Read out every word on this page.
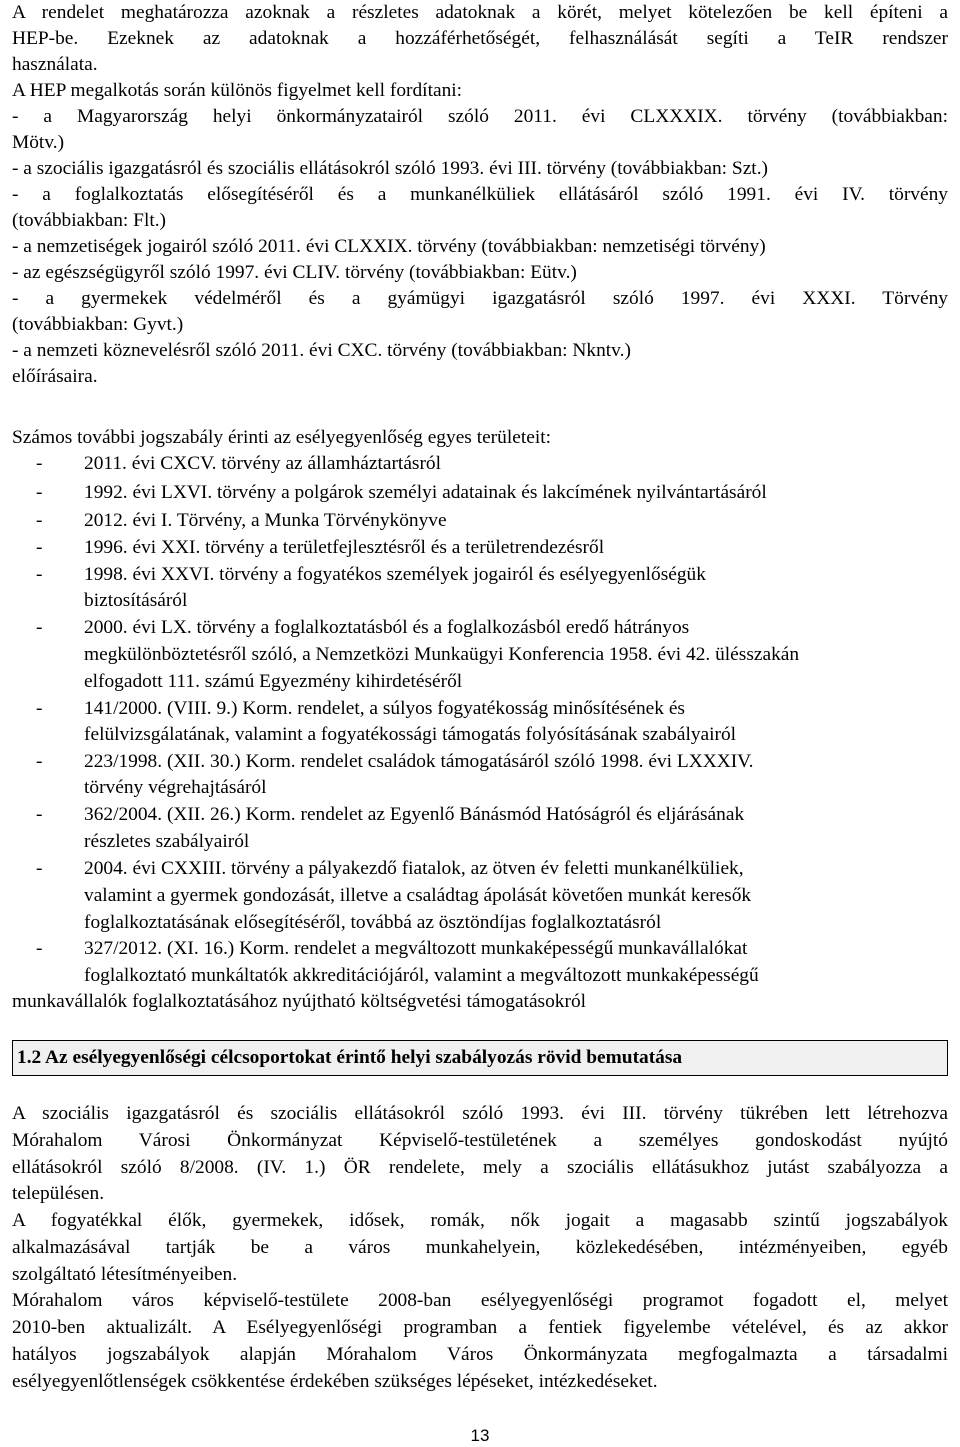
A rendelet meghatározza azoknak a részletes adatoknak a körét, melyet kötelezően be kell építeni a
HEP-be. Ezeknek az adatoknak a hozzáférhetőségét, felhasználását segíti a TeIR rendszer
használata.
A HEP megalkotás során különös figyelmet kell fordítani:
- a Magyarország helyi önkormányzatairól szóló 2011. évi CLXXXIX. törvény (továbbiakban:
Mötv.)
- a szociális igazgatásról és szociális ellátásokról szóló 1993. évi III. törvény (továbbiakban: Szt.)
- a foglalkoztatás elősegítéséről és a munkanélküliek ellátásáról szóló 1991. évi IV. törvény
(továbbiakban: Flt.)
- a nemzetiségek jogairól szóló 2011. évi CLXXIX. törvény (továbbiakban: nemzetiségi törvény)
- az egészségügyről szóló 1997. évi CLIV. törvény (továbbiakban: Eütv.)
- a gyermekek védelméről és a gyámügyi igazgatásról szóló 1997. évi XXXI. Törvény
(továbbiakban: Gyvt.)
- a nemzeti köznevelésről szóló 2011. évi CXC. törvény (továbbiakban: Nkntv.)
előírásaira.
Számos további jogszabály érinti az esélyegyenlőség egyes területeit:
- 2011. évi CXCV. törvény az államháztartásról
- 1992. évi LXVI. törvény a polgárok személyi adatainak és lakcímének nyilvántartásáról
- 2012. évi I. Törvény, a Munka Törvénykönyve
- 1996. évi XXI. törvény a területfejlesztésről és a területrendezésről
- 1998. évi XXVI. törvény a fogyatékos személyek jogairól és esélyegyenlőségük
biztosításáról
- 2000. évi LX. törvény a foglalkoztatásból és a foglalkozásból eredő hátrányos
megkülönböztetésről szóló, a Nemzetközi Munkaügyi Konferencia 1958. évi 42. ülésszakán
elfogadott 111. számú Egyezmény kihirdetéséről
- 141/2000. (VIII. 9.) Korm. rendelet, a súlyos fogyatékosság minősítésének és
felülvizsgálatának, valamint a fogyatékossági támogatás folyósításának szabályairól
- 223/1998. (XII. 30.) Korm. rendelet családok támogatásáról szóló 1998. évi LXXXIV.
törvény végrehajtásáról
- 362/2004. (XII. 26.) Korm. rendelet az Egyenlő Bánásmód Hatóságról és eljárásának
részletes szabályairól
- 2004. évi CXXIII. törvény a pályakezdő fiatalok, az ötven év feletti munkanélküliek,
valamint a gyermek gondozását, illetve a családtag ápolását követően munkát keresők
foglalkoztatásának elősegítéséről, továbbá az ösztöndíjas foglalkoztatásról
- 327/2012. (XI. 16.) Korm. rendelet a megváltozott munkaképességű munkavállalókat
foglalkoztató munkáltatók akkreditációjáról, valamint a megváltozott munkaképességű
munkavállalók foglalkoztatásához nyújtható költségvetési támogatásokról
1.2 Az esélyegyenlőségi célcsoportokat érintő helyi szabályozás rövid bemutatása
A szociális igazgatásról és szociális ellátásokról szóló 1993. évi III. törvény tükrében lett létrehozva
Mórahalom Városi Önkormányzat Képviselő-testületének a személyes gondoskodást nyújtó
ellátásokról szóló 8/2008. (IV. 1.) ÖR rendelete, mely a szociális ellátásukhoz jutást szabályozza a
településen.
A fogyatékkal élők, gyermekek, idősek, romák, nők jogait a magasabb szintű jogszabályok
alkalmazásával tartják be a város munkahelyein, közlekedésében, intézményeiben, egyéb
szolgáltató létesítményeiben.
Mórahalom város képviselő-testülete 2008-ban esélyegyenlőségi programot fogadott el, melyet
2010-ben aktualizált. A Esélyegyenlőségi programban a fentiek figyelembe vételével, és az akkor
hatályos jogszabályok alapján Mórahalom Város Önkormányzata megfogalmazta a társadalmi
esélyegyenlőtlenségek csökkentése érdekében szükséges lépéseket, intézkedéseket.
13
